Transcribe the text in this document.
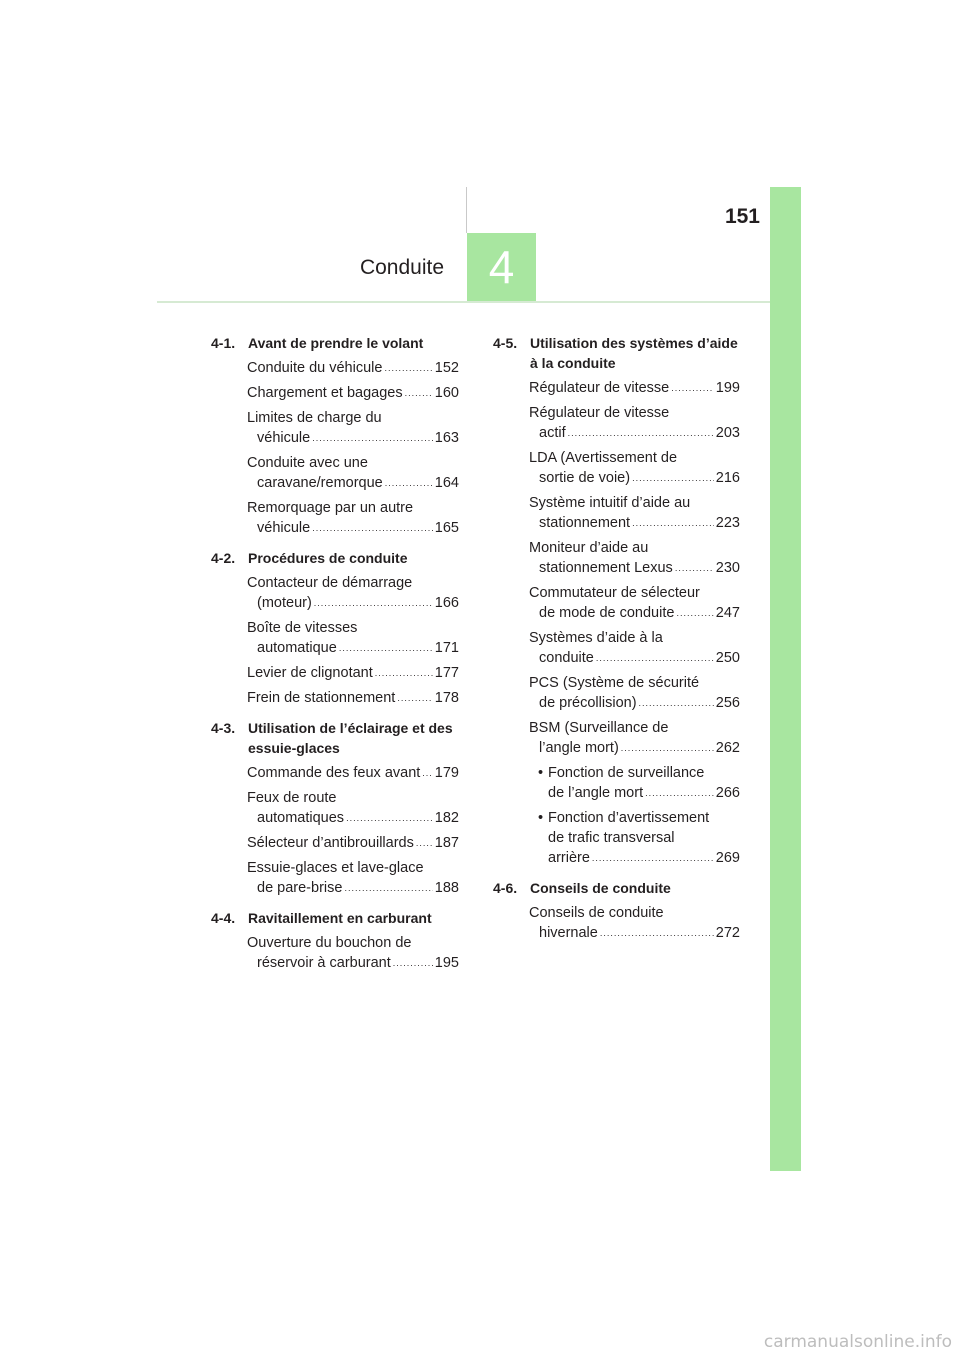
151
Conduite 4
4-1. Avant de prendre le volant
Conduite du véhicule .....	152
Chargement et bagages ..... 160
Limites de charge du
véhicule .....	163
Conduite avec une
caravane/remorque .....	164
Remorquage par un autre
véhicule .....	165
4-2. Procédures de conduite
Contacteur de démarrage
(moteur) .....	166
Boîte de vitesses
automatique .....	171
Levier de clignotant .....	177
Frein de stationnement .....	178
4-3. Utilisation de l’éclairage et des essuie-glaces
Commande des feux avant ..... 179
Feux de route
automatiques .....	182
Sélecteur d’antibrouillards ..... 187
Essuie-glaces et lave-glace
de pare-brise .....	188
4-4. Ravitaillement en carburant
Ouverture du bouchon de
réservoir à carburant .....	195
4-5. Utilisation des systèmes d’aide à la conduite
Régulateur de vitesse .....	199
Régulateur de vitesse
actif .....	203
LDA (Avertissement de
sortie de voie) .....	216
Système intuitif d’aide au
stationnement .....	223
Moniteur d’aide au
stationnement Lexus .....	230
Commutateur de sélecteur
de mode de conduite .....	247
Systèmes d’aide à la
conduite .....	250
PCS (Système de sécurité
de précollision) .....	256
BSM (Surveillance de
l’angle mort) .....	262
• Fonction de surveillance
de l’angle mort .....	266
• Fonction d’avertissement
de trafic transversal
arrière .....	269
4-6. Conseils de conduite
Conseils de conduite
hivernale .....	272
carmanualsonline.info
